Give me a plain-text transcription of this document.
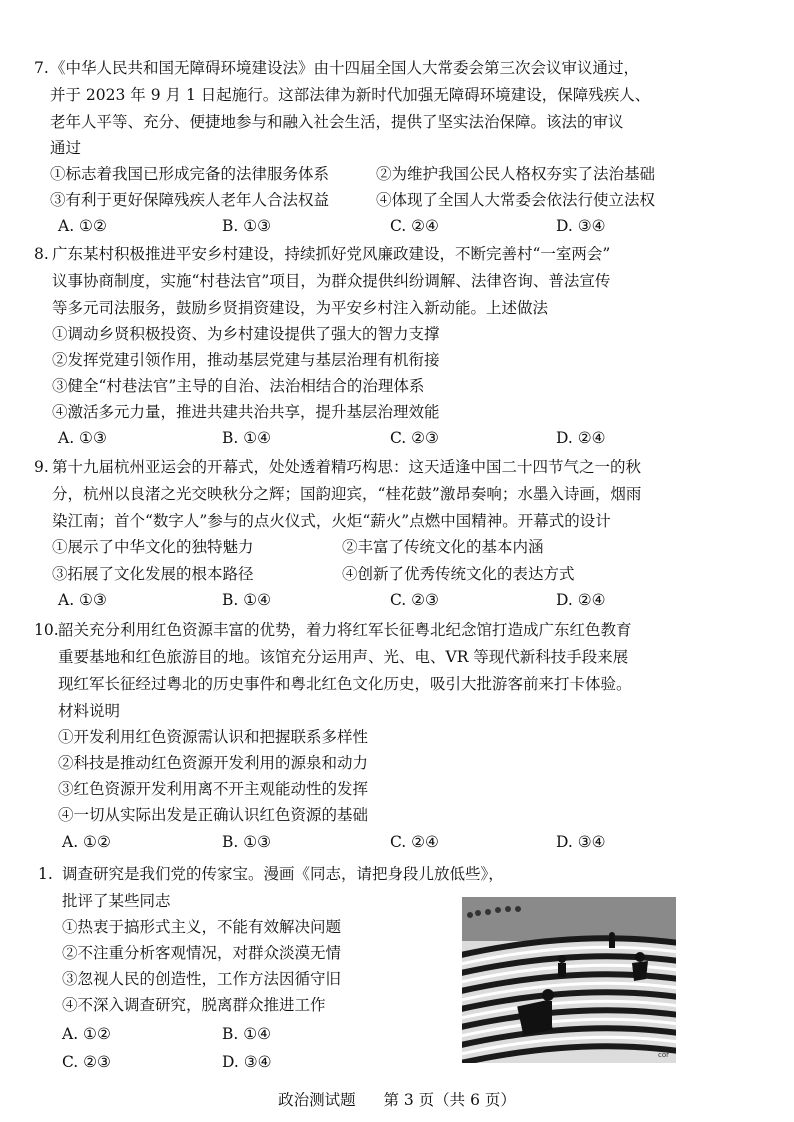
7. 《中华人民共和国无障碍环境建设法》由十四届全国人大常委会第三次会议审议通过，
并于 2023 年 9 月 1 日起施行。这部法律为新时代加强无障碍环境建设，保障残疾人、
老年人平等、充分、便捷地参与和融入社会生活，提供了坚实法治保障。该法的审议
通过
①标志着我国已形成完备的法律服务体系	②为维护我国公民人格权夯实了法治基础
③有利于更好保障残疾人老年人合法权益	④体现了全国人大常委会依法行使立法权
A. ①②	B. ①③	C. ②④	D. ③④
8. 广东某村积极推进平安乡村建设，持续抓好党风廉政建设，不断完善村“一室两会”
议事协商制度，实施“村巷法官”项目，为群众提供纠纷调解、法律咨询、普法宣传
等多元司法服务，鼓励乡贤捐资建设，为平安乡村注入新动能。上述做法
①调动乡贤积极投资、为乡村建设提供了强大的智力支撑
②发挥党建引领作用，推动基层党建与基层治理有机衔接
③健全“村巷法官”主导的自治、法治相结合的治理体系
④激活多元力量，推进共建共治共享，提升基层治理效能
A. ①③	B. ①④	C. ②③	D. ②④
9. 第十九届杭州亚运会的开幕式，处处透着精巧构思：这天适逢中国二十四节气之一的秋
分，杭州以良渚之光交映秋分之辉；国韵迎宾，“桂花鼓”激昂奏响；水墨入诗画，烟雨
染江南；首个“数字人”参与的点火仪式，火炬“薪火”点燃中国精神。开幕式的设计
①展示了中华文化的独特魅力	②丰富了传统文化的基本内涵
③拓展了文化发展的根本路径	④创新了优秀传统文化的表达方式
A. ①③	B. ①④	C. ②③	D. ②④
10. 韶关充分利用红色资源丰富的优势，着力将红军长征粤北纪念馆打造成广东红色教育
重要基地和红色旅游目的地。该馆充分运用声、光、电、VR 等现代新科技手段来展
现红军长征经过粤北的历史事件和粤北红色文化历史，吸引大批游客前来打卡体验。
材料说明
①开发利用红色资源需认识和把握联系多样性
②科技是推动红色资源开发利用的源泉和动力
③红色资源开发利用离不开主观能动性的发挥
④一切从实际出发是正确认识红色资源的基础
A. ①②	B. ①③	C. ②④	D. ③④
1. 调查研究是我们党的传家宝。漫画《同志，请把身段儿放低些》，
批评了某些同志
①热衷于搞形式主义，不能有效解决问题
②不注重分析客观情况，对群众淡漠无情
③忽视人民的创造性，工作方法因循守旧
④不深入调查研究，脱离群众推进工作
A. ①②	B. ①④
C. ②③	D. ③④	cor
政治测试题 第 3 页（共 6 页）
